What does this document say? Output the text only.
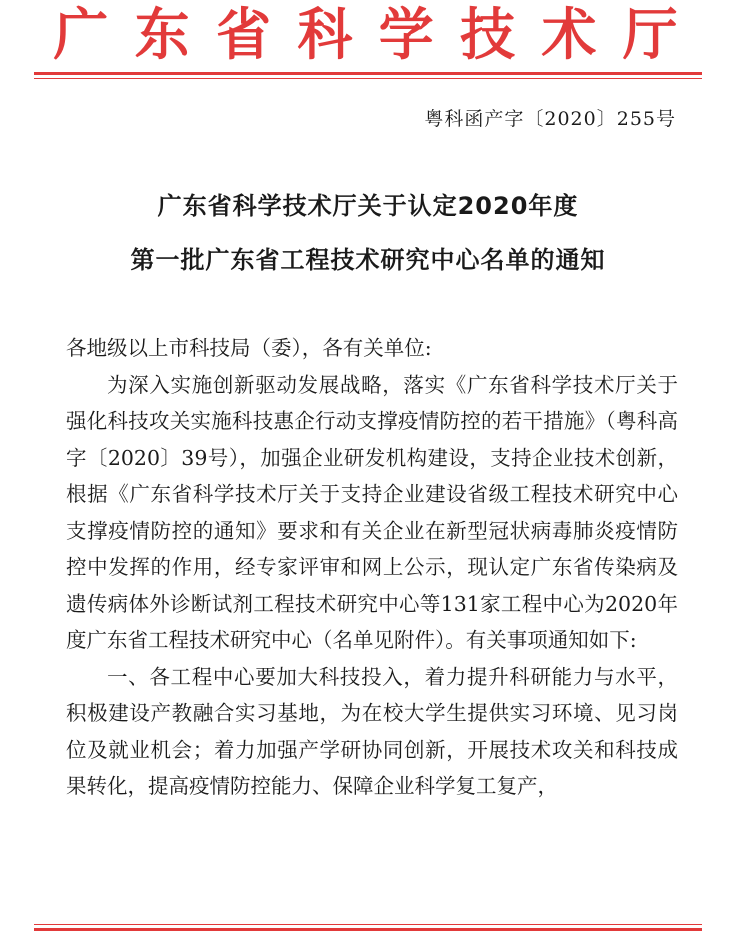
广东省科学技术厅
粤科函产字〔2020〕255号
广东省科学技术厅关于认定2020年度
第一批广东省工程技术研究中心名单的通知

各地级以上市科技局（委），各有关单位:

为深入实施创新驱动发展战略，落实《广东省科学技术厅关于强化科技攻关实施科技惠企行动支撑疫情防控的若干措施》（粤科高字〔2020〕39号），加强企业研发机构建设，支持企业技术创新，根据《广东省科学技术厅关于支持企业建设省级工程技术研究中心支撑疫情防控的通知》要求和有关企业在新型冠状病毒肺炎疫情防控中发挥的作用，经专家评审和网上公示，现认定广东省传染病及遗传病体外诊断试剂工程技术研究中心等131家工程中心为2020年度广东省工程技术研究中心（名单见附件）。有关事项通知如下:

一、各工程中心要加大科技投入，着力提升科研能力与水平，积极建设产教融合实习基地，为在校大学生提供实习环境、见习岗位及就业机会；着力加强产学研协同创新，开展技术攻关和科技成果转化，提高疫情防控能力、保障企业科学复工复产，
